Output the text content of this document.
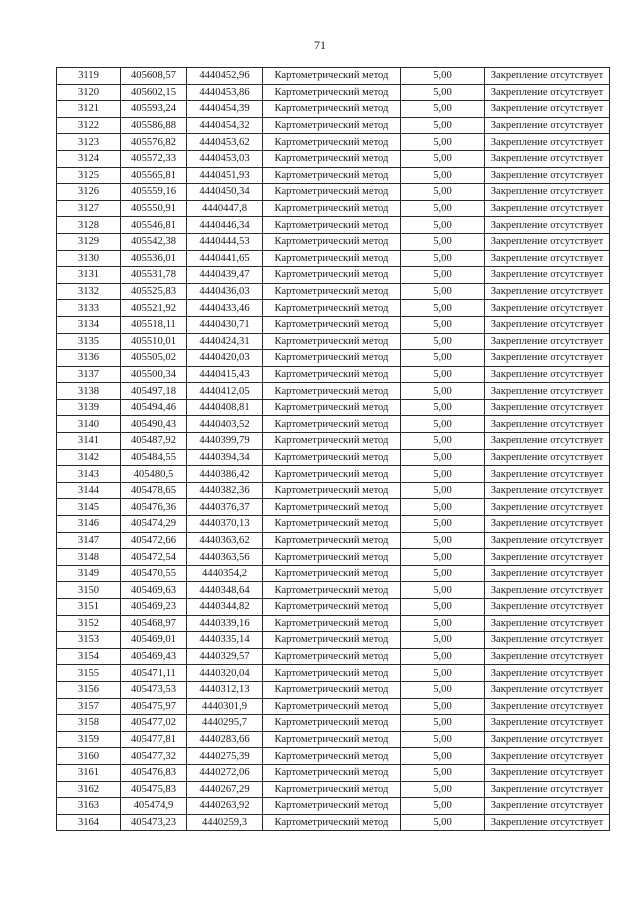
71
3119	405608,57	4440452,96	Картометрический метод	5,00	Закрепление отсутствует
3120	405602,15	4440453,86	Картометрический метод	5,00	Закрепление отсутствует
3121	405593,24	4440454,39	Картометрический метод	5,00	Закрепление отсутствует
3122	405586,88	4440454,32	Картометрический метод	5,00	Закрепление отсутствует
3123	405576,82	4440453,62	Картометрический метод	5,00	Закрепление отсутствует
3124	405572,33	4440453,03	Картометрический метод	5,00	Закрепление отсутствует
3125	405565,81	4440451,93	Картометрический метод	5,00	Закрепление отсутствует
3126	405559,16	4440450,34	Картометрический метод	5,00	Закрепление отсутствует
3127	405550,91	4440447,8	Картометрический метод	5,00	Закрепление отсутствует
3128	405546,81	4440446,34	Картометрический метод	5,00	Закрепление отсутствует
3129	405542,38	4440444,53	Картометрический метод	5,00	Закрепление отсутствует
3130	405536,01	4440441,65	Картометрический метод	5,00	Закрепление отсутствует
3131	405531,78	4440439,47	Картометрический метод	5,00	Закрепление отсутствует
3132	405525,83	4440436,03	Картометрический метод	5,00	Закрепление отсутствует
3133	405521,92	4440433,46	Картометрический метод	5,00	Закрепление отсутствует
3134	405518,11	4440430,71	Картометрический метод	5,00	Закрепление отсутствует
3135	405510,01	4440424,31	Картометрический метод	5,00	Закрепление отсутствует
3136	405505,02	4440420,03	Картометрический метод	5,00	Закрепление отсутствует
3137	405500,34	4440415,43	Картометрический метод	5,00	Закрепление отсутствует
3138	405497,18	4440412,05	Картометрический метод	5,00	Закрепление отсутствует
3139	405494,46	4440408,81	Картометрический метод	5,00	Закрепление отсутствует
3140	405490,43	4440403,52	Картометрический метод	5,00	Закрепление отсутствует
3141	405487,92	4440399,79	Картометрический метод	5,00	Закрепление отсутствует
3142	405484,55	4440394,34	Картометрический метод	5,00	Закрепление отсутствует
3143	405480,5	4440386,42	Картометрический метод	5,00	Закрепление отсутствует
3144	405478,65	4440382,36	Картометрический метод	5,00	Закрепление отсутствует
3145	405476,36	4440376,37	Картометрический метод	5,00	Закрепление отсутствует
3146	405474,29	4440370,13	Картометрический метод	5,00	Закрепление отсутствует
3147	405472,66	4440363,62	Картометрический метод	5,00	Закрепление отсутствует
3148	405472,54	4440363,56	Картометрический метод	5,00	Закрепление отсутствует
3149	405470,55	4440354,2	Картометрический метод	5,00	Закрепление отсутствует
3150	405469,63	4440348,64	Картометрический метод	5,00	Закрепление отсутствует
3151	405469,23	4440344,82	Картометрический метод	5,00	Закрепление отсутствует
3152	405468,97	4440339,16	Картометрический метод	5,00	Закрепление отсутствует
3153	405469,01	4440335,14	Картометрический метод	5,00	Закрепление отсутствует
3154	405469,43	4440329,57	Картометрический метод	5,00	Закрепление отсутствует
3155	405471,11	4440320,04	Картометрический метод	5,00	Закрепление отсутствует
3156	405473,53	4440312,13	Картометрический метод	5,00	Закрепление отсутствует
3157	405475,97	4440301,9	Картометрический метод	5,00	Закрепление отсутствует
3158	405477,02	4440295,7	Картометрический метод	5,00	Закрепление отсутствует
3159	405477,81	4440283,66	Картометрический метод	5,00	Закрепление отсутствует
3160	405477,32	4440275,39	Картометрический метод	5,00	Закрепление отсутствует
3161	405476,83	4440272,06	Картометрический метод	5,00	Закрепление отсутствует
3162	405475,83	4440267,29	Картометрический метод	5,00	Закрепление отсутствует
3163	405474,9	4440263,92	Картометрический метод	5,00	Закрепление отсутствует
3164	405473,23	4440259,3	Картометрический метод	5,00	Закрепление отсутствует
